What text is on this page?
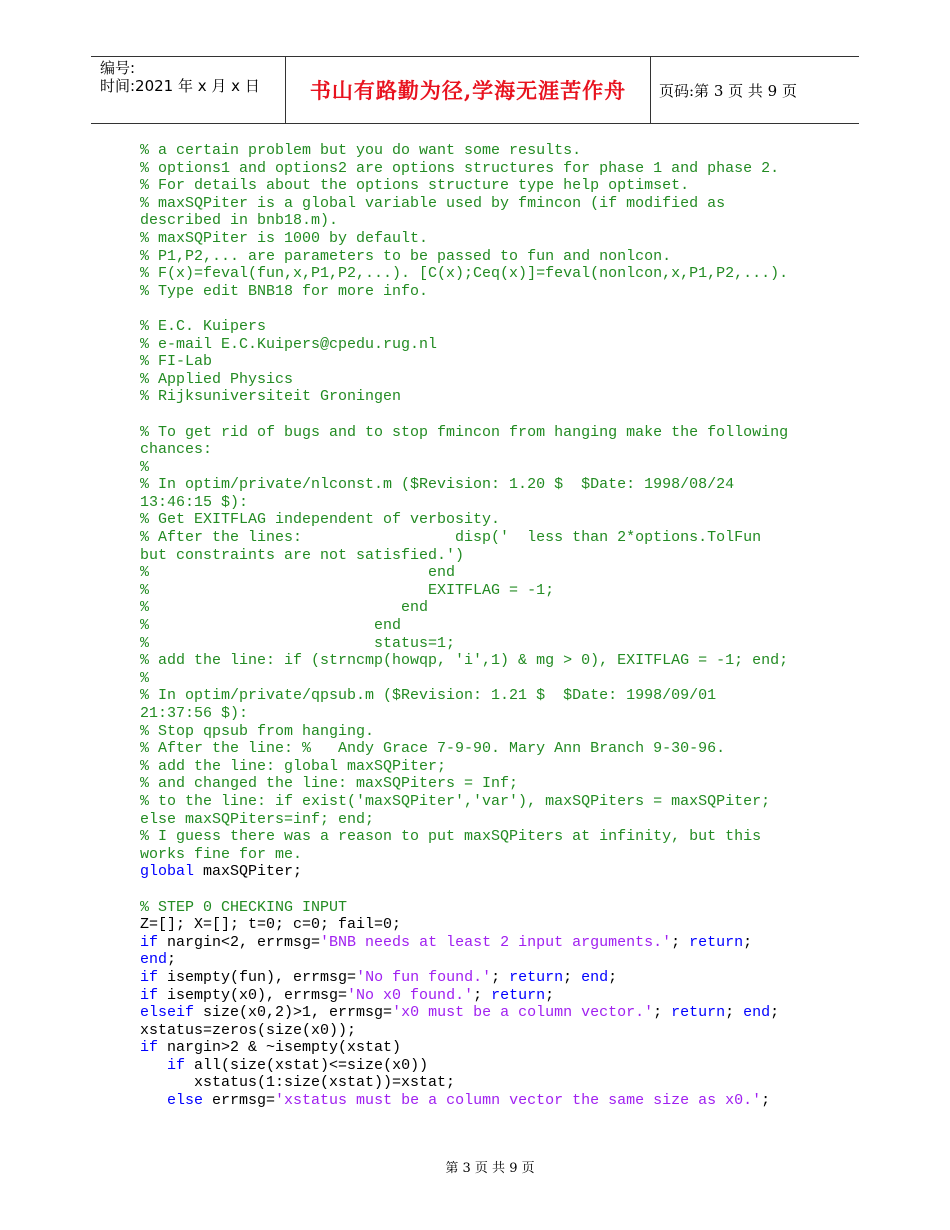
编号:
时间:2021 年 x 月 x 日	书山有路勤为径,学海无涯苦作舟	页码:第 3 页 共 9 页
% a certain problem but you do want some results.
% options1 and options2 are options structures for phase 1 and phase 2.
% For details about the options structure type help optimset.
% maxSQPiter is a global variable used by fmincon (if modified as
described in bnb18.m).
% maxSQPiter is 1000 by default.
% P1,P2,... are parameters to be passed to fun and nonlcon.
% F(x)=feval(fun,x,P1,P2,...). [C(x);Ceq(x)]=feval(nonlcon,x,P1,P2,...).
% Type edit BNB18 for more info.
% E.C. Kuipers
% e-mail E.C.Kuipers@cpedu.rug.nl
% FI-Lab
% Applied Physics
% Rijksuniversiteit Groningen
% To get rid of bugs and to stop fmincon from hanging make the following
chances:
%
% In optim/private/nlconst.m ($Revision: 1.20 $  $Date: 1998/08/24
13:46:15 $):
% Get EXITFLAG independent of verbosity.
% After the lines:                 disp('  less than 2*options.TolFun
but constraints are not satisfied.')
%                               end
%                               EXITFLAG = -1;
%                            end
%                         end
%                         status=1;
% add the line: if (strncmp(howqp, 'i',1) & mg > 0), EXITFLAG = -1; end;
%
% In optim/private/qpsub.m ($Revision: 1.21 $  $Date: 1998/09/01
21:37:56 $):
% Stop qpsub from hanging.
% After the line: %   Andy Grace 7-9-90. Mary Ann Branch 9-30-96.
% add the line: global maxSQPiter;
% and changed the line: maxSQPiters = Inf;
% to the line: if exist('maxSQPiter','var'), maxSQPiters = maxSQPiter;
else maxSQPiters=inf; end;
% I guess there was a reason to put maxSQPiters at infinity, but this
works fine for me.
global maxSQPiter;
% STEP 0 CHECKING INPUT
Z=[]; X=[]; t=0; c=0; fail=0;
if nargin<2, errmsg='BNB needs at least 2 input arguments.'; return;
end;
if isempty(fun), errmsg='No fun found.'; return; end;
if isempty(x0), errmsg='No x0 found.'; return;
elseif size(x0,2)>1, errmsg='x0 must be a column vector.'; return; end;
xstatus=zeros(size(x0));
if nargin>2 & ~isempty(xstat)
if all(size(xstat)<=size(x0))
xstatus(1:size(xstat))=xstat;
else errmsg='xstatus must be a column vector the same size as x0.';
第 3 页 共 9 页
